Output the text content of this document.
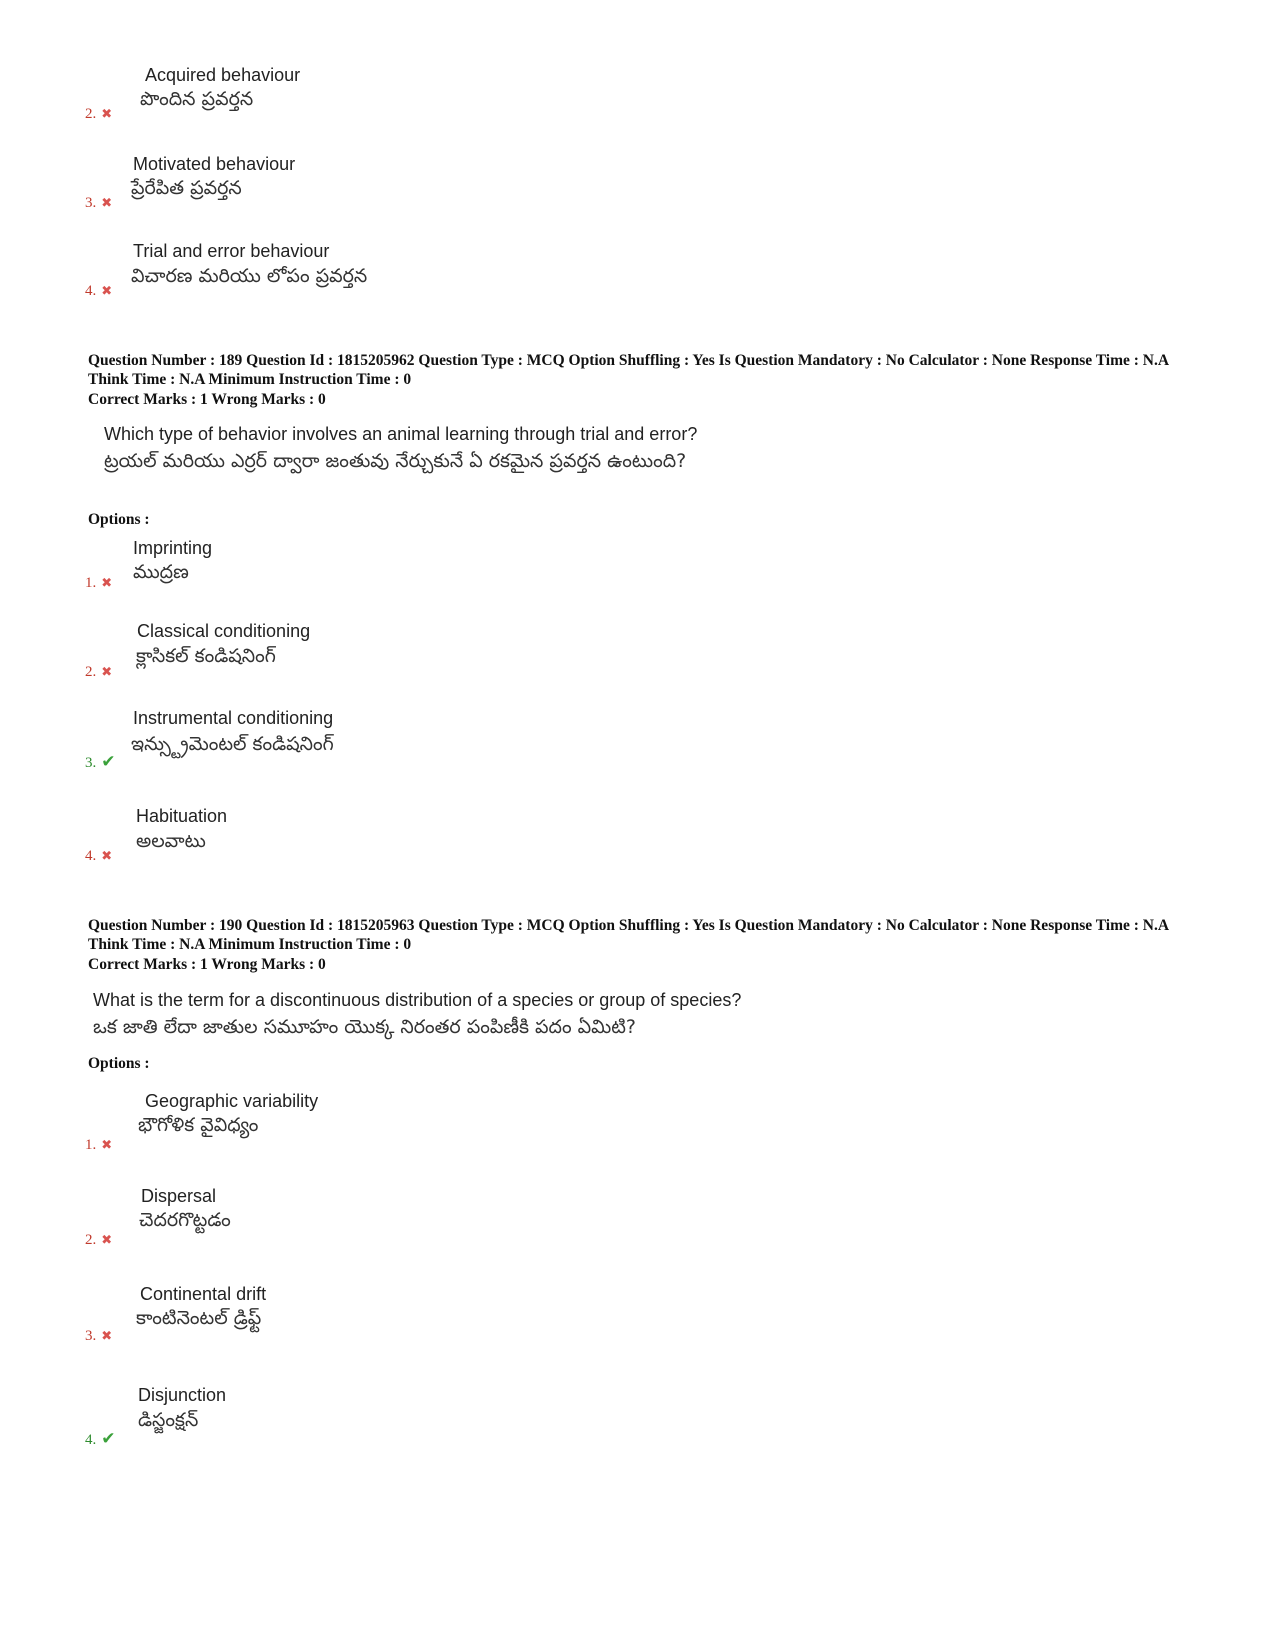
Acquired behaviour
పొందిన ప్రవర్తన
2. ✖
Motivated behaviour
ప్రేరేపిత ప్రవర్తన
3. ✖
Trial and error behaviour
విచారణ మరియు లోపం ప్రవర్తన
4. ✖
Question Number : 189 Question Id : 1815205962 Question Type : MCQ Option Shuffling : Yes Is Question Mandatory : No Calculator : None Response Time : N.A Think Time : N.A Minimum Instruction Time : 0
Correct Marks : 1 Wrong Marks : 0
Which type of behavior involves an animal learning through trial and error?
ట్రయల్ మరియు ఎర్రర్ ద్వారా జంతువు నేర్చుకునే ఏ రకమైన ప్రవర్తన ఉంటుంది?
Options :
Imprinting
ముద్రణ
1. ✖
Classical conditioning
క్లాసికల్ కండిషనింగ్
2. ✖
Instrumental conditioning
ఇన్స్ట్రుమెంటల్ కండిషనింగ్
3. ✔
Habituation
అలవాటు
4. ✖
Question Number : 190 Question Id : 1815205963 Question Type : MCQ Option Shuffling : Yes Is Question Mandatory : No Calculator : None Response Time : N.A Think Time : N.A Minimum Instruction Time : 0
Correct Marks : 1 Wrong Marks : 0
What is the term for a discontinuous distribution of a species or group of species?
ఒక జాతి లేదా జాతుల సమూహం యొక్క నిరంతర పంపిణీకి పదం ఏమిటి?
Options :
Geographic variability
భౌగోళిక వైవిధ్యం
1. ✖
Dispersal
చెదరగొట్టడం
2. ✖
Continental drift
కాంటినెంటల్ డ్రిఫ్ట్
3. ✖
Disjunction
డిస్జంక్షన్
4. ✔
